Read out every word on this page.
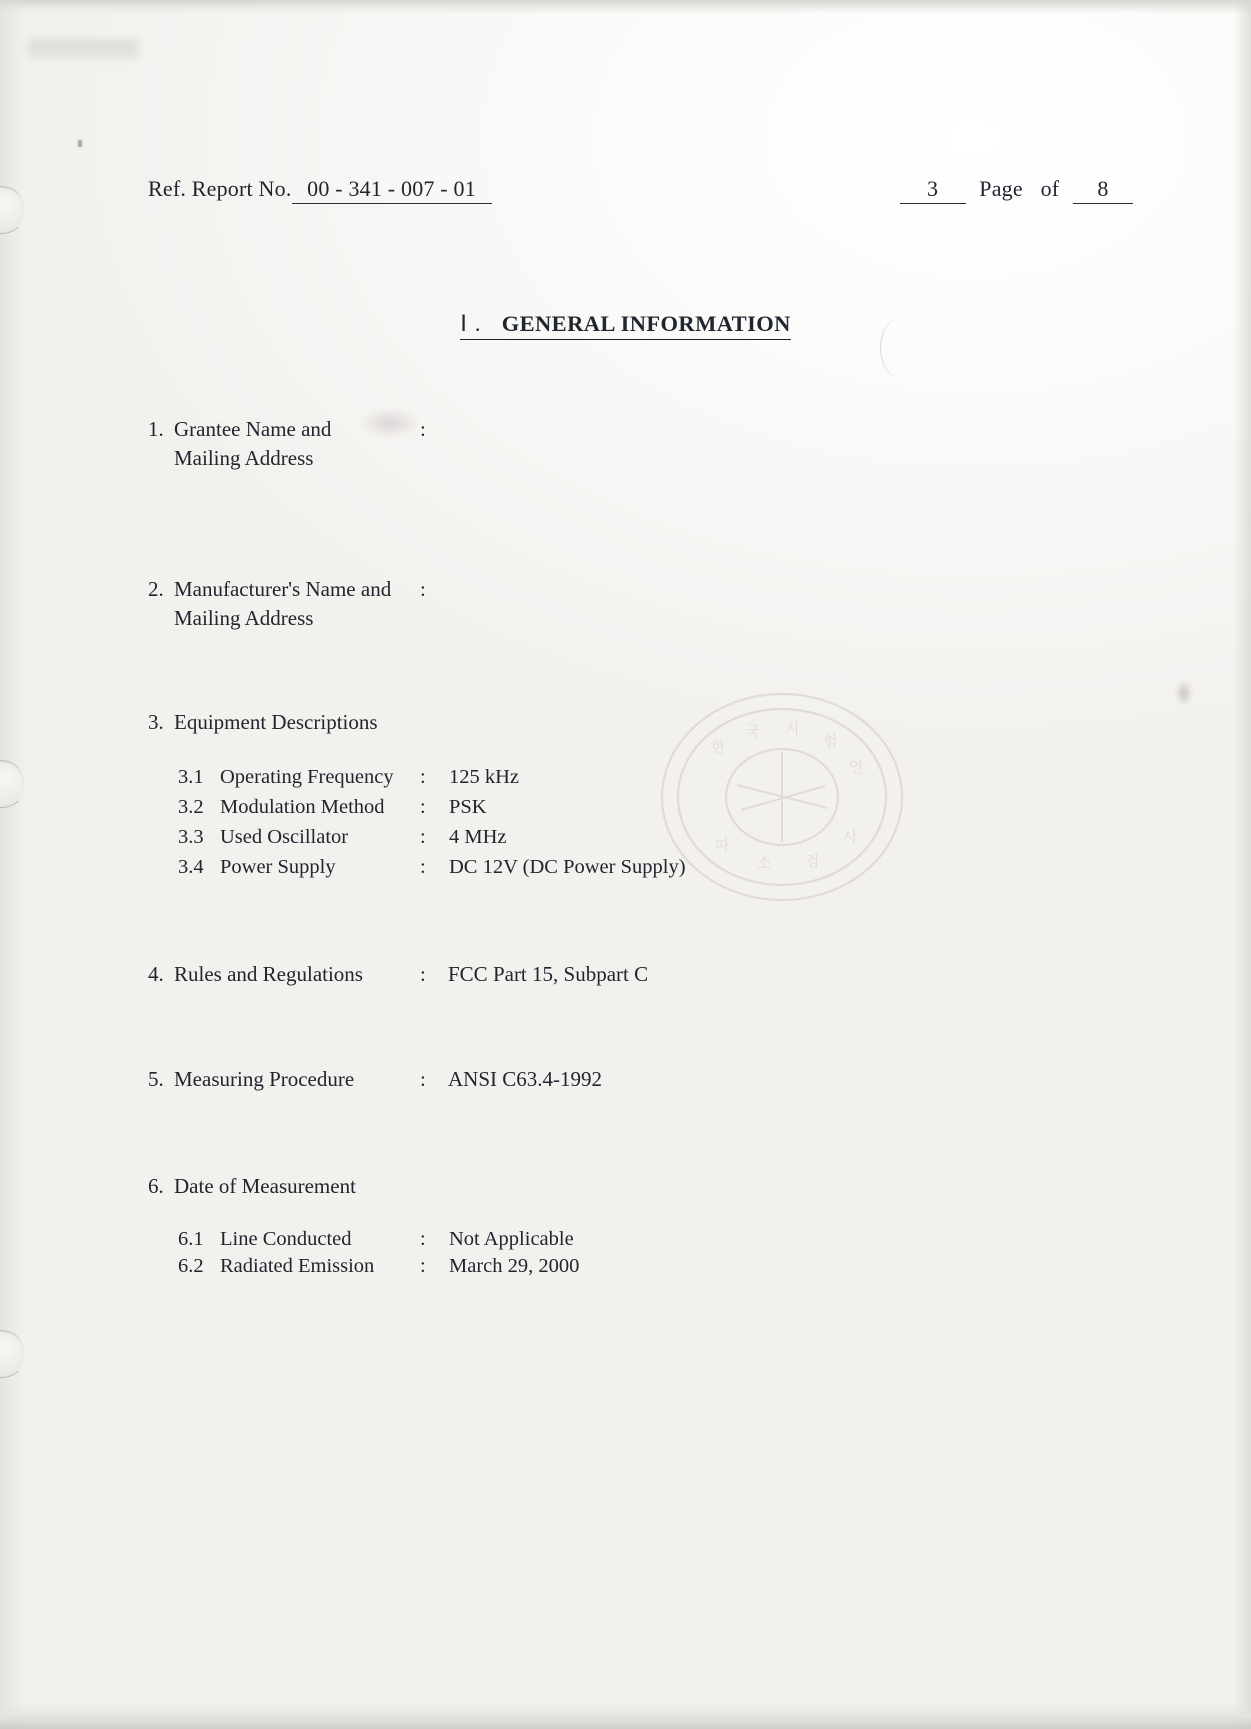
한
국 시
험
연
따
소 검
사
Ref. Report No. 00 - 341 - 007 - 01	3 Page of 8
Ⅰ . GENERAL INFORMATION
1. Grantee Name and
Mailing Address
:
2. Manufacturer's Name and
Mailing Address
:
3. Equipment Descriptions
3.1 Operating Frequency : 125 kHz
3.2 Modulation Method : PSK
3.3 Used Oscillator	: 4 MHz
3.4 Power Supply	: DC 12V (DC Power Supply)
4. Rules and Regulations	: FCC Part 15, Subpart C
5. Measuring Procedure	: ANSI C63.4-1992
6. Date of Measurement
6.1 Line Conducted	: Not Applicable
6.2 Radiated Emission : March 29, 2000
